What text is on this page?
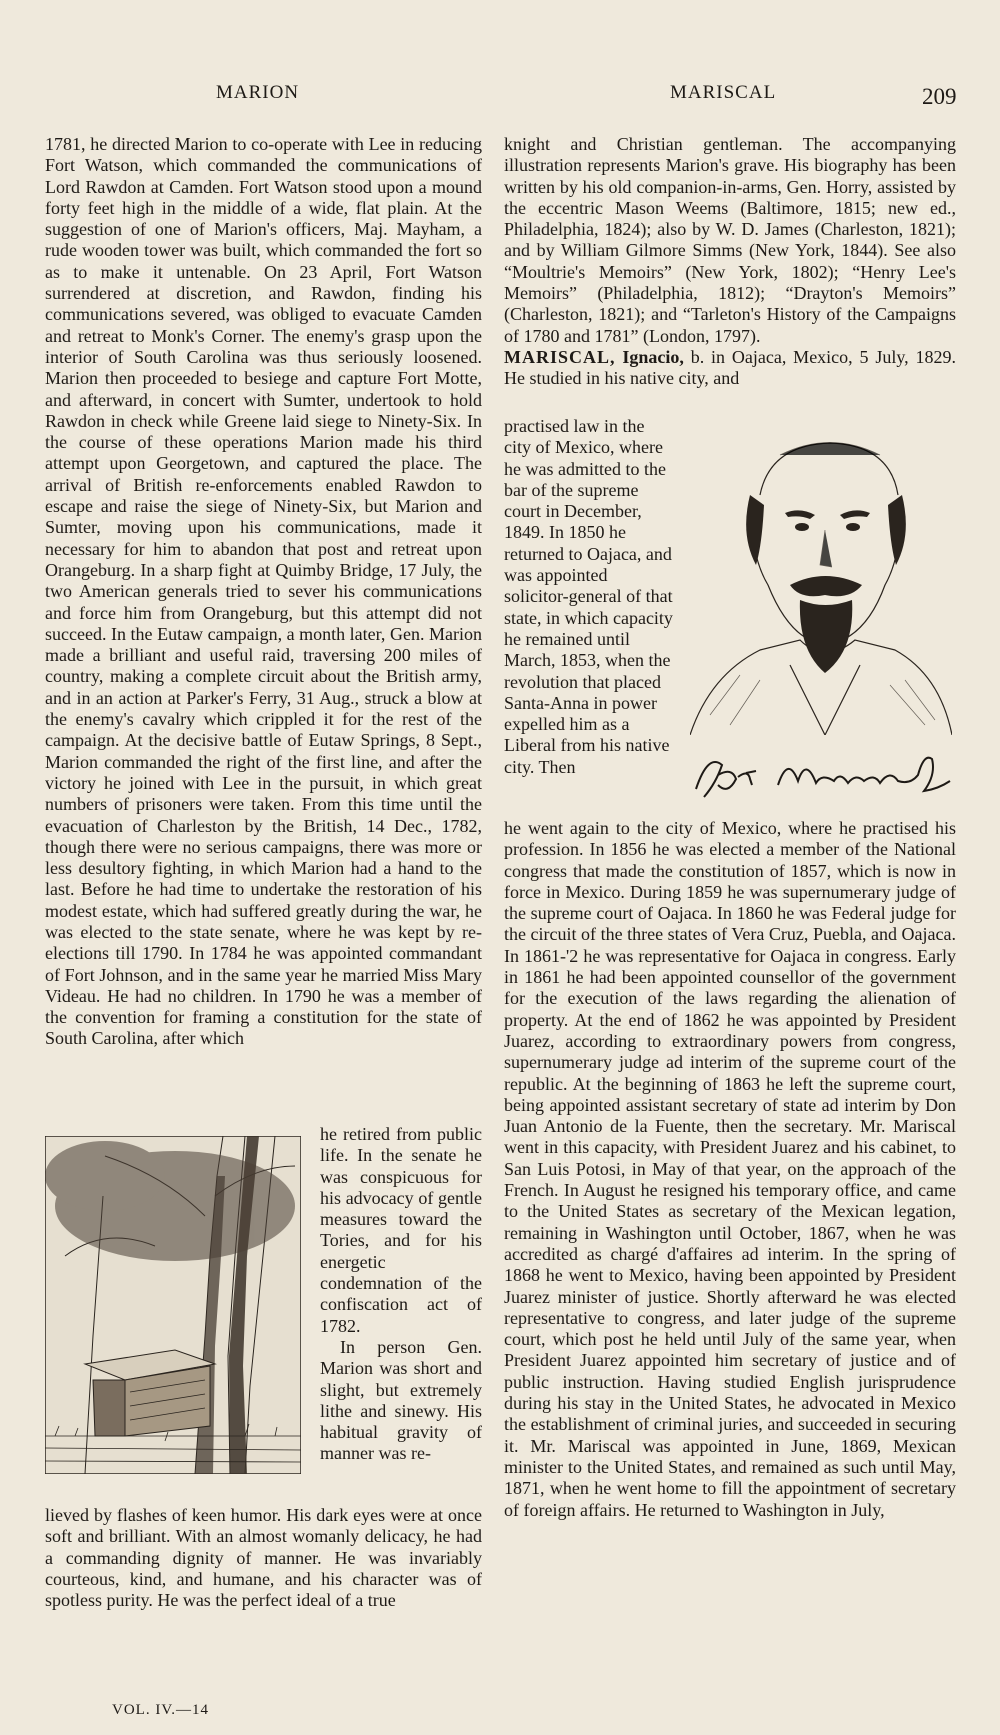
MARION	MARISCAL	209

1781, he directed Marion to co-operate with Lee in reducing Fort Watson, which commanded the communications of Lord Rawdon at Camden. Fort Watson stood upon a mound forty feet high in the middle of a wide, flat plain. At the suggestion of one of Marion's officers, Maj. Mayham, a rude wooden tower was built, which commanded the fort so as to make it untenable. On 23 April, Fort Watson surrendered at discretion, and Rawdon, finding his communications severed, was obliged to evacuate Camden and retreat to Monk's Corner. The enemy's grasp upon the interior of South Carolina was thus seriously loosened. Marion then proceeded to besiege and capture Fort Motte, and afterward, in concert with Sumter, undertook to hold Rawdon in check while Greene laid siege to Ninety-Six. In the course of these operations Marion made his third attempt upon Georgetown, and captured the place. The arrival of British re-enforcements enabled Rawdon to escape and raise the siege of Ninety-Six, but Marion and Sumter, moving upon his communications, made it necessary for him to abandon that post and retreat upon Orangeburg. In a sharp fight at Quimby Bridge, 17 July, the two American generals tried to sever his communications and force him from Orangeburg, but this attempt did not succeed. In the Eutaw campaign, a month later, Gen. Marion made a brilliant and useful raid, traversing 200 miles of country, making a complete circuit about the British army, and in an action at Parker's Ferry, 31 Aug., struck a blow at the enemy's cavalry which crippled it for the rest of the campaign. At the decisive battle of Eutaw Springs, 8 Sept., Marion commanded the right of the first line, and after the victory he joined with Lee in the pursuit, in which great numbers of prisoners were taken. From this time until the evacuation of Charleston by the British, 14 Dec., 1782, though there were no serious campaigns, there was more or less desultory fighting, in which Marion had a hand to the last. Before he had time to undertake the restoration of his modest estate, which had suffered greatly during the war, he was elected to the state senate, where he was kept by re-elections till 1790. In 1784 he was appointed commandant of Fort Johnson, and in the same year he married Miss Mary Videau. He had no children. In 1790 he was a member of the convention for framing a constitution for the state of South Carolina, after which

he retired from public life. In the senate he was conspicuous for his advocacy of gentle measures toward the Tories, and for his energetic condemnation of the confiscation act of 1782.

In person Gen. Marion was short and slight, but extremely lithe and sinewy. His habitual gravity of manner was re-

lieved by flashes of keen humor. His dark eyes were at once soft and brilliant. With an almost womanly delicacy, he had a commanding dignity of manner. He was invariably courteous, kind, and humane, and his character was of spotless purity. He was the perfect ideal of a true

VOL. IV.—14

knight and Christian gentleman. The accompanying illustration represents Marion's grave. His biography has been written by his old companion-in-arms, Gen. Horry, assisted by the eccentric Mason Weems (Baltimore, 1815; new ed., Philadelphia, 1824); also by W. D. James (Charleston, 1821); and by William Gilmore Simms (New York, 1844). See also “Moultrie's Memoirs” (New York, 1802); “Henry Lee's Memoirs” (Philadelphia, 1812); “Drayton's Memoirs” (Charleston, 1821); and “Tarleton's History of the Campaigns of 1780 and 1781” (London, 1797).

MARISCAL, Ignacio, b. in Oajaca, Mexico, 5 July, 1829. He studied in his native city, and

practised law in the city of Mexico, where he was admitted to the bar of the supreme court in December, 1849. In 1850 he returned to Oajaca, and was appointed solicitor-general of that state, in which capacity he remained until March, 1853, when the revolution that placed Santa-Anna in power expelled him as a Liberal from his native city. Then

he went again to the city of Mexico, where he practised his profession. In 1856 he was elected a member of the National congress that made the constitution of 1857, which is now in force in Mexico. During 1859 he was supernumerary judge of the supreme court of Oajaca. In 1860 he was Federal judge for the circuit of the three states of Vera Cruz, Puebla, and Oajaca. In 1861-'2 he was representative for Oajaca in congress. Early in 1861 he had been appointed counsellor of the government for the execution of the laws regarding the alienation of property. At the end of 1862 he was appointed by President Juarez, according to extraordinary powers from congress, supernumerary judge ad interim of the supreme court of the republic. At the beginning of 1863 he left the supreme court, being appointed assistant secretary of state ad interim by Don Juan Antonio de la Fuente, then the secretary. Mr. Mariscal went in this capacity, with President Juarez and his cabinet, to San Luis Potosi, in May of that year, on the approach of the French. In August he resigned his temporary office, and came to the United States as secretary of the Mexican legation, remaining in Washington until October, 1867, when he was accredited as chargé d'affaires ad interim. In the spring of 1868 he went to Mexico, having been appointed by President Juarez minister of justice. Shortly afterward he was elected representative to congress, and later judge of the supreme court, which post he held until July of the same year, when President Juarez appointed him secretary of justice and of public instruction. Having studied English jurisprudence during his stay in the United States, he advocated in Mexico the establishment of criminal juries, and succeeded in securing it. Mr. Mariscal was appointed in June, 1869, Mexican minister to the United States, and remained as such until May, 1871, when he went home to fill the appointment of secretary of foreign affairs. He returned to Washington in July,
